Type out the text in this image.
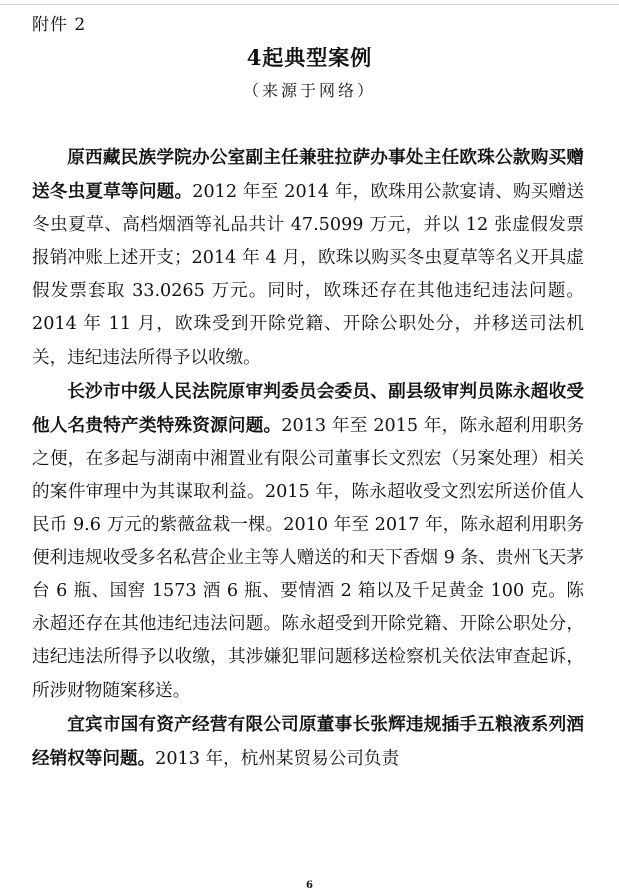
附件 2
4起典型案例
（来源于网络）

原西藏民族学院办公室副主任兼驻拉萨办事处主任欧珠公款购买赠送冬虫夏草等问题。2012 年至 2014 年，欧珠用公款宴请、购买赠送冬虫夏草、高档烟酒等礼品共计 47.5099 万元，并以 12 张虚假发票报销冲账上述开支；2014 年 4 月，欧珠以购买冬虫夏草等名义开具虚假发票套取 33.0265 万元。同时，欧珠还存在其他违纪违法问题。2014 年 11 月，欧珠受到开除党籍、开除公职处分，并移送司法机关，违纪违法所得予以收缴。

长沙市中级人民法院原审判委员会委员、副县级审判员陈永超收受他人名贵特产类特殊资源问题。2013 年至 2015 年，陈永超利用职务之便，在多起与湖南中湘置业有限公司董事长文烈宏（另案处理）相关的案件审理中为其谋取利益。2015 年，陈永超收受文烈宏所送价值人民币 9.6 万元的紫薇盆栽一棵。2010 年至 2017 年，陈永超利用职务便利违规收受多名私营企业主等人赠送的和天下香烟 9 条、贵州飞天茅台 6 瓶、国窖 1573 酒 6 瓶、要情酒 2 箱以及千足黄金 100 克。陈永超还存在其他违纪违法问题。陈永超受到开除党籍、开除公职处分，违纪违法所得予以收缴，其涉嫌犯罪问题移送检察机关依法审查起诉，所涉财物随案移送。

宜宾市国有资产经营有限公司原董事长张辉违规插手五粮液系列酒经销权等问题。2013 年，杭州某贸易公司负责

6
